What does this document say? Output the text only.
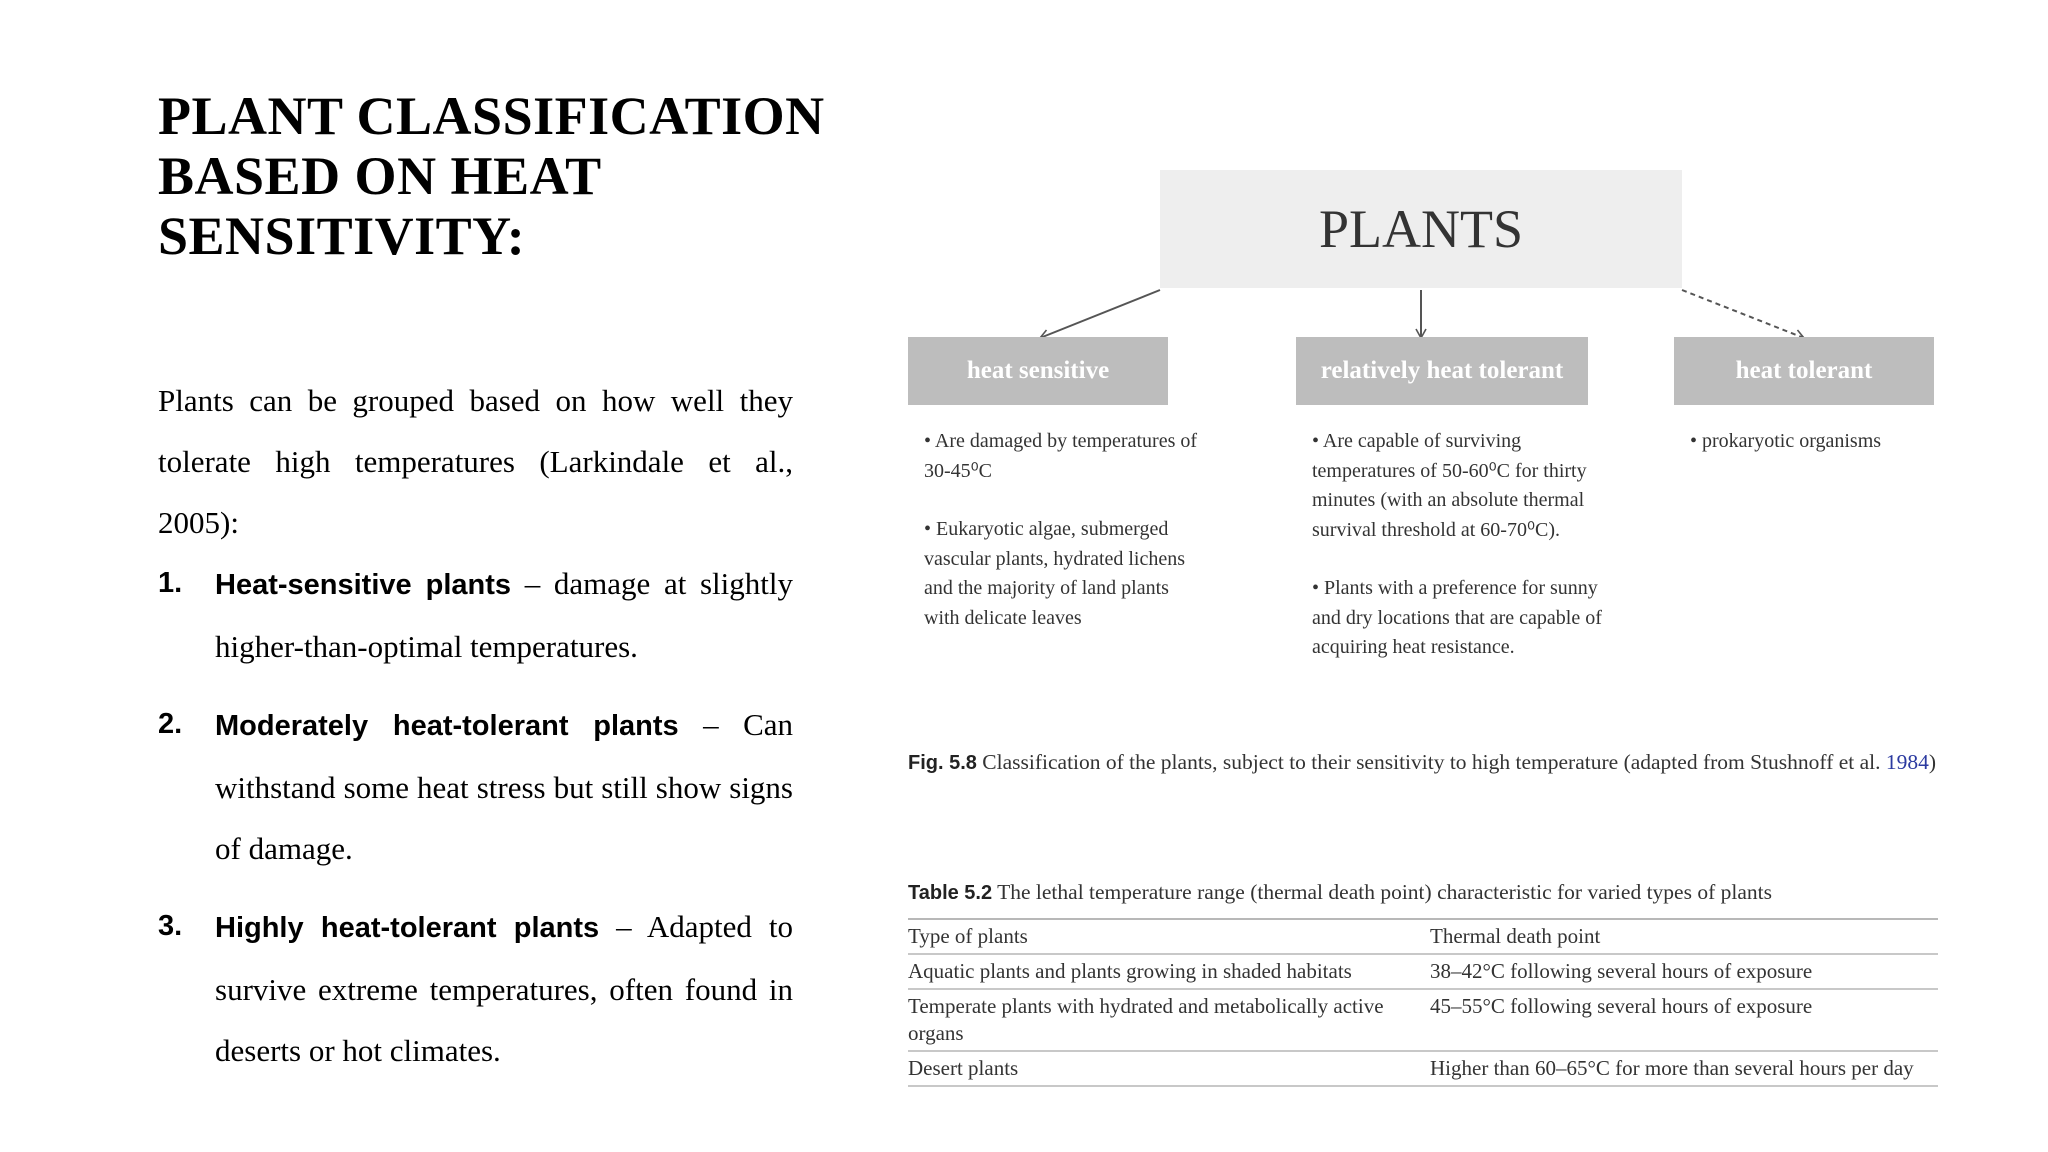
PLANT CLASSIFICATION
BASED ON HEAT
SENSITIVITY:
Plants can be grouped based on how well they tolerate high temperatures (Larkindale et al., 2005):
1.	Heat-sensitive plants – damage at slightly higher-than-optimal temperatures.
2.	Moderately heat-tolerant plants – Can withstand some heat stress but still show signs of damage.
3.	Highly heat-tolerant plants – Adapted to survive extreme temperatures, often found in deserts or hot climates.
PLANTS
heat sensitive	relatively heat tolerant	heat tolerant

• Are damaged by temperatures of 30-45⁰C

• Eukaryotic algae, submerged vascular plants, hydrated lichens and the majority of land plants with delicate leaves

• Are capable of surviving temperatures of 50-60⁰C for thirty minutes (with an absolute thermal survival threshold at 60-70⁰C).

• Plants with a preference for sunny and dry locations that are capable of acquiring heat resistance.

• prokaryotic organisms

Fig. 5.8 Classification of the plants, subject to their sensitivity to high temperature (adapted from Stushnoff et al. 1984)
Table 5.2 The lethal temperature range (thermal death point) characteristic for varied types of plants
Type of plants	Thermal death point
Aquatic plants and plants growing in shaded habitats	38–42°C following several hours of exposure
Temperate plants with hydrated and metabolically active organs	45–55°C following several hours of exposure
Desert plants	Higher than 60–65°C for more than several hours per day
